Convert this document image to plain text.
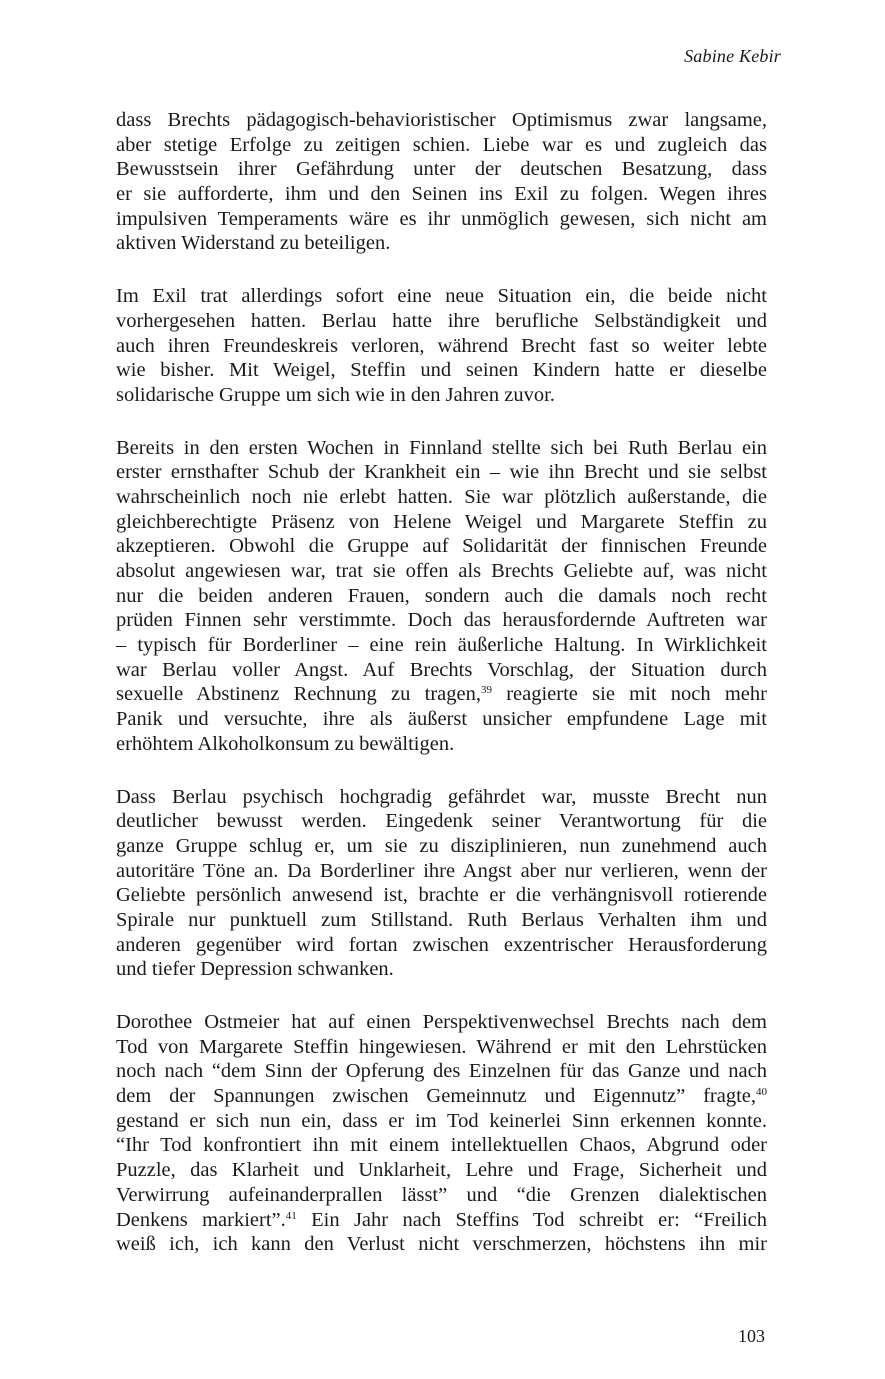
Sabine Kebir

dass Brechts pädagogisch-behavioristischer Optimismus zwar langsame,
aber stetige Erfolge zu zeitigen schien. Liebe war es und zugleich das
Bewusstsein ihrer Gefährdung unter der deutschen Besatzung, dass
er sie aufforderte, ihm und den Seinen ins Exil zu folgen. Wegen ihres
impulsiven Temperaments wäre es ihr unmöglich gewesen, sich nicht am
aktiven Widerstand zu beteiligen.

Im Exil trat allerdings sofort eine neue Situation ein, die beide nicht
vorhergesehen hatten. Berlau hatte ihre berufliche Selbständigkeit und
auch ihren Freundeskreis verloren, während Brecht fast so weiter lebte
wie bisher. Mit Weigel, Steffin und seinen Kindern hatte er dieselbe
solidarische Gruppe um sich wie in den Jahren zuvor.

Bereits in den ersten Wochen in Finnland stellte sich bei Ruth Berlau ein
erster ernsthafter Schub der Krankheit ein – wie ihn Brecht und sie selbst
wahrscheinlich noch nie erlebt hatten. Sie war plötzlich außerstande, die
gleichberechtigte Präsenz von Helene Weigel und Margarete Steffin zu
akzeptieren. Obwohl die Gruppe auf Solidarität der finnischen Freunde
absolut angewiesen war, trat sie offen als Brechts Geliebte auf, was nicht
nur die beiden anderen Frauen, sondern auch die damals noch recht
prüden Finnen sehr verstimmte. Doch das herausfordernde Auftreten war
– typisch für Borderliner – eine rein äußerliche Haltung. In Wirklichkeit
war Berlau voller Angst. Auf Brechts Vorschlag, der Situation durch
sexuelle Abstinenz Rechnung zu tragen,$^{39}$ reagierte sie mit noch mehr
Panik und versuchte, ihre als äußerst unsicher empfundene Lage mit
erhöhtem Alkoholkonsum zu bewältigen.

Dass Berlau psychisch hochgradig gefährdet war, musste Brecht nun
deutlicher bewusst werden. Eingedenk seiner Verantwortung für die
ganze Gruppe schlug er, um sie zu disziplinieren, nun zunehmend auch
autoritäre Töne an. Da Borderliner ihre Angst aber nur verlieren, wenn der
Geliebte persönlich anwesend ist, brachte er die verhängnisvoll rotierende
Spirale nur punktuell zum Stillstand. Ruth Berlaus Verhalten ihm und
anderen gegenüber wird fortan zwischen exzentrischer Herausforderung
und tiefer Depression schwanken.

Dorothee Ostmeier hat auf einen Perspektivenwechsel Brechts nach dem
Tod von Margarete Steffin hingewiesen. Während er mit den Lehrstücken
noch nach “dem Sinn der Opferung des Einzelnen für das Ganze und nach
dem der Spannungen zwischen Gemeinnutz und Eigennutz” fragte,$^{40}$
gestand er sich nun ein, dass er im Tod keinerlei Sinn erkennen konnte.
“Ihr Tod konfrontiert ihn mit einem intellektuellen Chaos, Abgrund oder
Puzzle, das Klarheit und Unklarheit, Lehre und Frage, Sicherheit und
Verwirrung aufeinanderprallen lässt” und “die Grenzen dialektischen
Denkens markiert”.$^{41}$ Ein Jahr nach Steffins Tod schreibt er: “Freilich
weiß ich, ich kann den Verlust nicht verschmerzen, höchstens ihn mir

103
